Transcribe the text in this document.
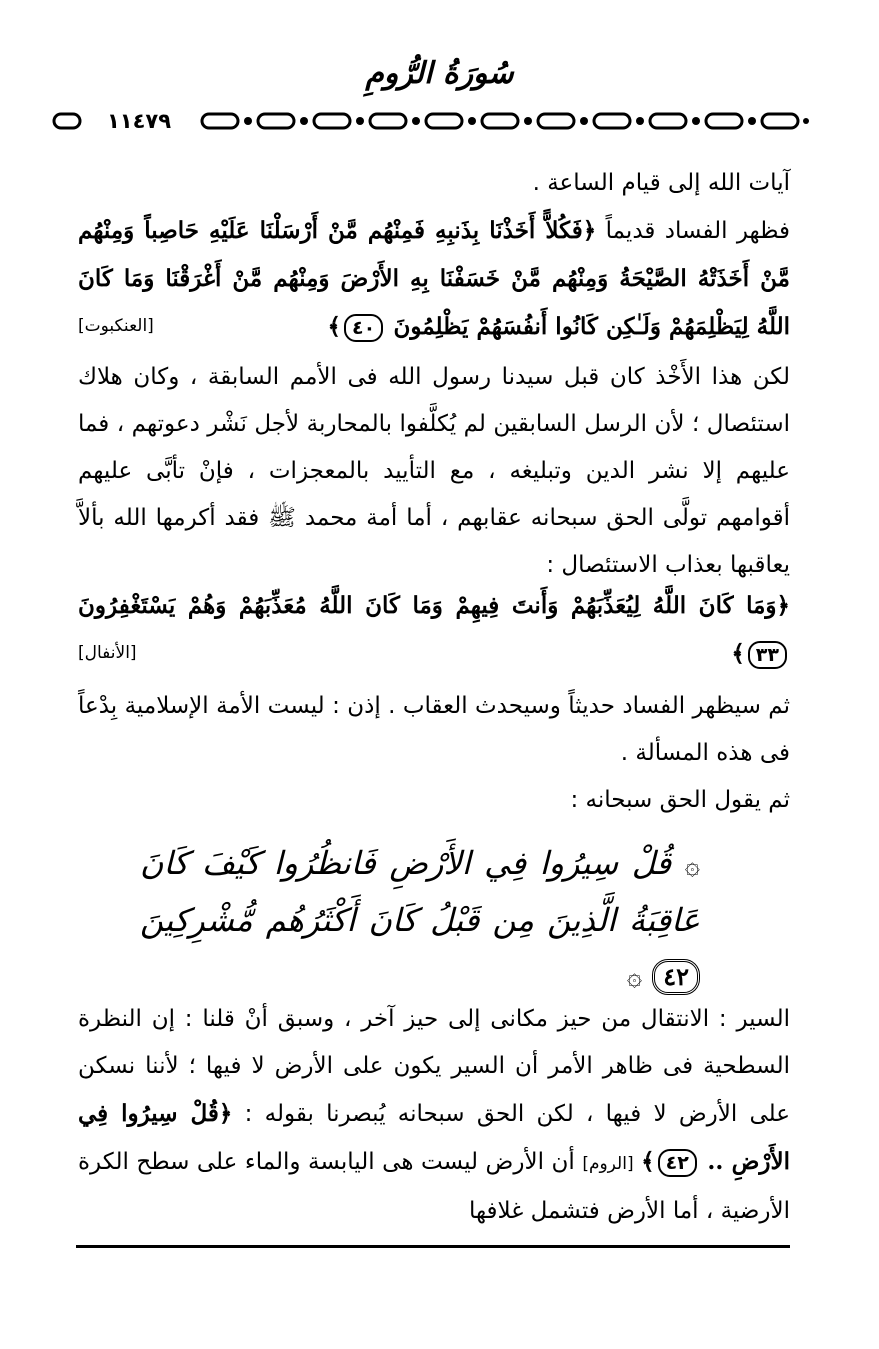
سُورَةُ الرُّومِ
١١٤٧٩
آيات الله إلى قيام الساعة .
فظهر الفساد قديماً ﴿فَكُلاًّ أَخَذْنَا بِذَنبِهِ فَمِنْهُم مَّنْ أَرْسَلْنَا عَلَيْهِ حَاصِباً وَمِنْهُم مَّنْ أَخَذَتْهُ الصَّيْحَةُ وَمِنْهُم مَّنْ خَسَفْنَا بِهِ الأَرْضَ وَمِنْهُم مَّنْ أَغْرَقْنَا وَمَا كَانَ اللَّهُ لِيَظْلِمَهُمْ وَلَـٰكِن كَانُوا أَنفُسَهُمْ يَظْلِمُونَ ٤٠﴾
[العنكبوت]
لكن هذا الأَخْذ كان قبل سيدنا رسول الله فى الأمم السابقة ، وكان هلاك استئصال ؛ لأن الرسل السابقين لم يُكلَّفوا بالمحاربة لأجل نَشْر دعوتهم ، فما عليهم إلا نشر الدين وتبليغه ، مع التأييد بالمعجزات ، فإنْ تأبَّى عليهم أقوامهم تولَّى الحق سبحانه عقابهم ، أما أمة محمد ﷺ فقد أكرمها الله بألاَّ يعاقبها بعذاب الاستئصال :
﴿وَمَا كَانَ اللَّهُ لِيُعَذِّبَهُمْ وَأَنتَ فِيهِمْ وَمَا كَانَ اللَّهُ مُعَذِّبَهُمْ وَهُمْ يَسْتَغْفِرُونَ ٣٣﴾
[الأنفال]
ثم سيظهر الفساد حديثاً وسيحدث العقاب . إذن : ليست الأمة الإسلامية بِدْعاً فى هذه المسألة .
ثم يقول الحق سبحانه :
۞ قُلْ سِيرُوا فِي الأَرْضِ فَانظُرُوا كَيْفَ كَانَ عَاقِبَةُ الَّذِينَ مِن قَبْلُ كَانَ أَكْثَرُهُم مُّشْرِكِينَ ٤٢ ۞
السير : الانتقال من حيز مكانى إلى حيز آخر ، وسبق أنْ قلنا : إن النظرة السطحية فى ظاهر الأمر أن السير يكون على الأرض لا فيها ؛ لأننا نسكن على الأرض لا فيها ، لكن الحق سبحانه يُبصرنا بقوله : ﴿قُلْ سِيرُوا فِي الأَرْضِ .. ٤٢﴾ [الروم] أن الأرض ليست هى اليابسة والماء على سطح الكرة الأرضية ، أما الأرض فتشمل غلافها
